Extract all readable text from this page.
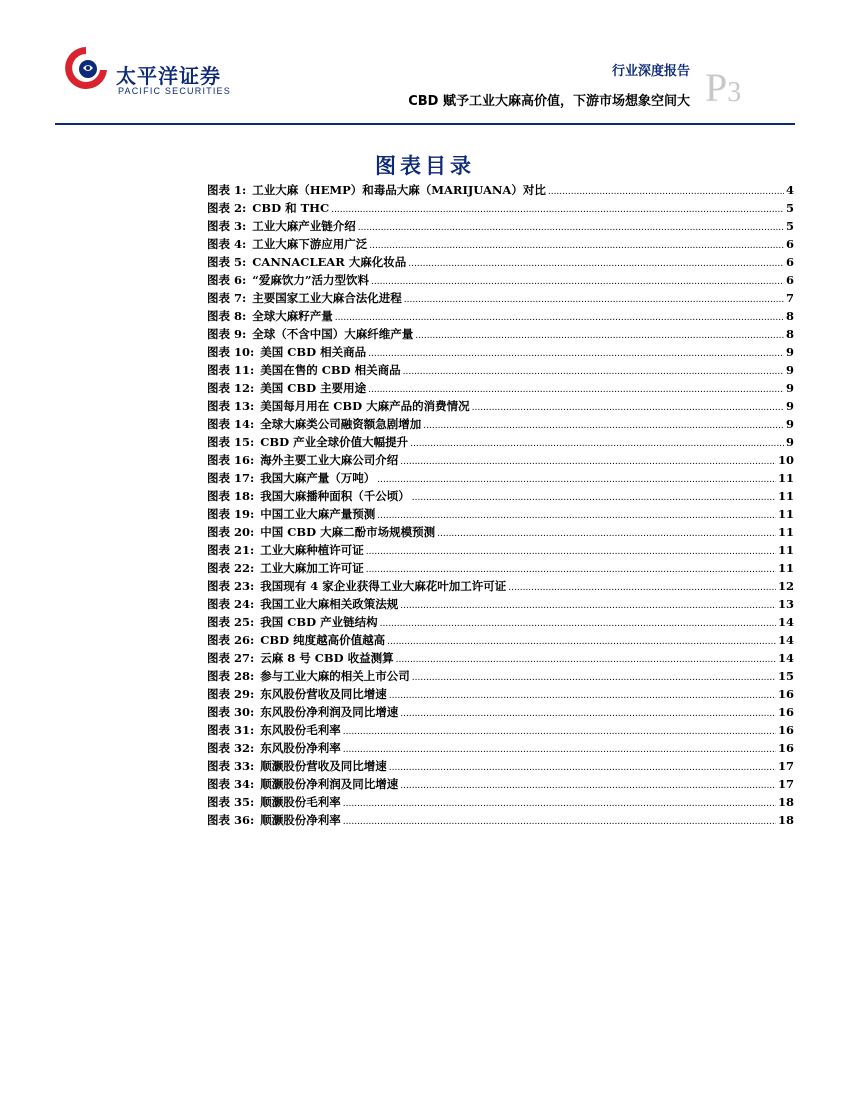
太平洋证券
PACIFIC SECURITIES
行业深度报告
CBD 赋予工业大麻高价值，下游市场想象空间大 P3
图表目录
图表 1: 工业大麻（HEMP）和毒品大麻（MARIJUANA）对比 .....	4
图表 2: CBD 和 THC .....	5
图表 3: 工业大麻产业链介绍 .....	5
图表 4: 工业大麻下游应用广泛 .....	6
图表 5: CANNACLEAR 大麻化妆品 .....	6
图表 6: “爱麻饮力”活力型饮料 .....	6
图表 7: 主要国家工业大麻合法化进程 .....	7
图表 8: 全球大麻籽产量 .....	8
图表 9: 全球（不含中国）大麻纤维产量 .....	8
图表 10: 美国 CBD 相关商品 .....	9
图表 11: 美国在售的 CBD 相关商品 .....	9
图表 12: 美国 CBD 主要用途 .....	9
图表 13: 美国每月用在 CBD 大麻产品的消费情况 .....	9
图表 14: 全球大麻类公司融资额急剧增加 .....	9
图表 15: CBD 产业全球价值大幅提升 .....	9
图表 16: 海外主要工业大麻公司介绍 .....	10
图表 17: 我国大麻产量（万吨） .....	11
图表 18: 我国大麻播种面积（千公顷） .....	11
图表 19: 中国工业大麻产量预测 .....	11
图表 20: 中国 CBD 大麻二酚市场规模预测 .....	11
图表 21: 工业大麻种植许可证 .....	11
图表 22: 工业大麻加工许可证 .....	11
图表 23: 我国现有 4 家企业获得工业大麻花叶加工许可证 .....	12
图表 24: 我国工业大麻相关政策法规 .....	13
图表 25: 我国 CBD 产业链结构 .....	14
图表 26: CBD 纯度越高价值越高 .....	14
图表 27: 云麻 8 号 CBD 收益测算 .....	14
图表 28: 参与工业大麻的相关上市公司 .....	15
图表 29: 东风股份营收及同比增速 .....	16
图表 30: 东风股份净利润及同比增速 .....	16
图表 31: 东风股份毛利率 .....	16
图表 32: 东风股份净利率 .....	16
图表 33: 顺灏股份营收及同比增速 .....	17
图表 34: 顺灏股份净利润及同比增速 .....	17
图表 35: 顺灏股份毛利率 .....	18
图表 36: 顺灏股份净利率 .....	18
